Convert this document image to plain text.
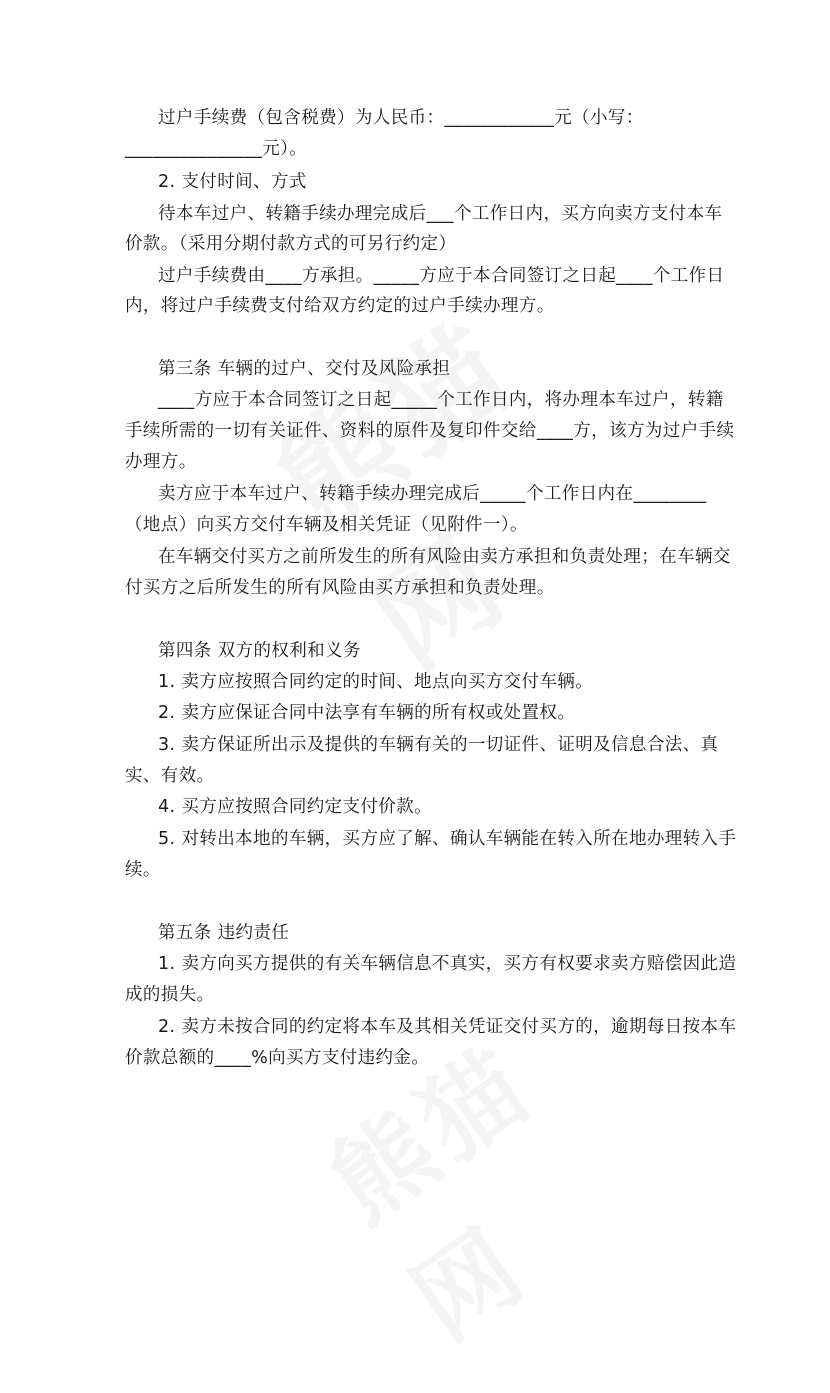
过户手续费（包含税费）为人民币：____________元（小写：
_______________元）。
2. 支付时间、方式
待本车过户、转籍手续办理完成后___个工作日内，买方向卖方支付本车
价款。（采用分期付款方式的可另行约定）
过户手续费由____方承担。_____方应于本合同签订之日起____个工作日
内，将过户手续费支付给双方约定的过户手续办理方。
第三条 车辆的过户、交付及风险承担
____方应于本合同签订之日起_____个工作日内，将办理本车过户，转籍
手续所需的一切有关证件、资料的原件及复印件交给____方，该方为过户手续
办理方。
卖方应于本车过户、转籍手续办理完成后_____个工作日内在________
（地点）向买方交付车辆及相关凭证（见附件一）。
在车辆交付买方之前所发生的所有风险由卖方承担和负责处理；在车辆交
付买方之后所发生的所有风险由买方承担和负责处理。
第四条 双方的权利和义务
1. 卖方应按照合同约定的时间、地点向买方交付车辆。
2. 卖方应保证合同中法享有车辆的所有权或处置权。
3. 卖方保证所出示及提供的车辆有关的一切证件、证明及信息合法、真
实、有效。
4. 买方应按照合同约定支付价款。
5. 对转出本地的车辆，买方应了解、确认车辆能在转入所在地办理转入手
续。
第五条 违约责任
1. 卖方向买方提供的有关车辆信息不真实，买方有权要求卖方赔偿因此造
成的损失。
2. 卖方未按合同的约定将本车及其相关凭证交付买方的，逾期每日按本车
价款总额的____%向买方支付违约金。
